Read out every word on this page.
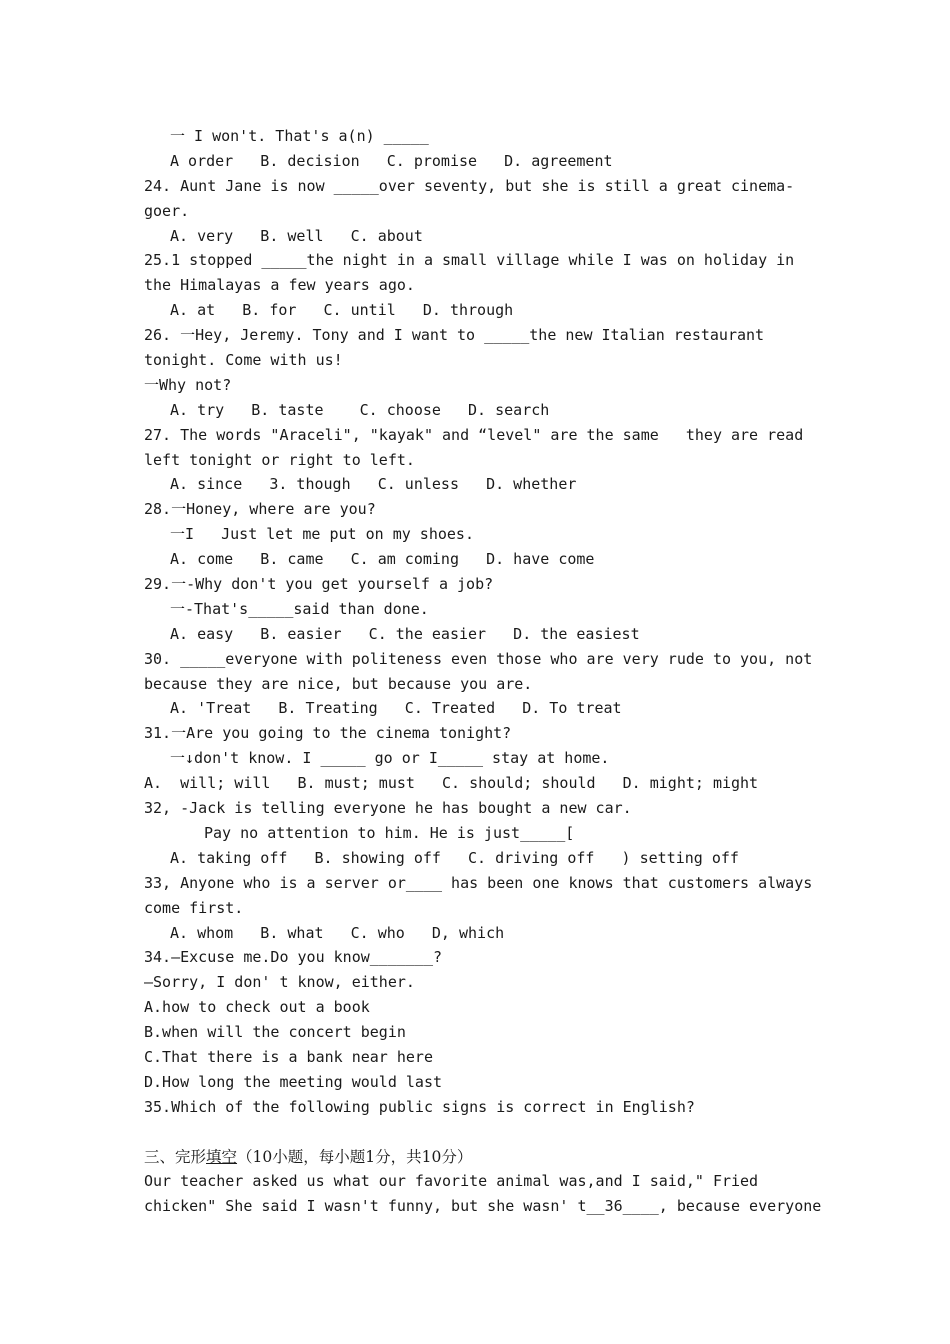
一 I won't. That's a(n) _____
A order   B. decision   C. promise   D. agreement
24. Aunt Jane is now _____over seventy, but she is still a great cinema-
goer.
A. very   B. well   C. about
25.1 stopped _____the night in a small village while I was on holiday in
the Himalayas a few years ago.
A. at   B. for   C. until   D. through
26. 一Hey, Jeremy. Tony and I want to _____the new Italian restaurant
tonight. Come with us!
一Why not?
A. try   B. taste    C. choose   D. search
27. The words "Araceli", "kayak" and “level" are the same   they are read
left tonight or right to left.
A. since   3. though   C. unless   D. whether
28.一Honey, where are you?
一I   Just let me put on my shoes.
A. come   B. came   C. am coming   D. have come
29.一-Why don't you get yourself a job?
一-That's_____said than done.
A. easy   B. easier   C. the easier   D. the easiest
30. _____everyone with politeness even those who are very rude to you, not
because they are nice, but because you are.
A. 'Treat   B. Treating   C. Treated   D. To treat
31.一Are you going to the cinema tonight?
一↓don't know. I _____ go or I_____ stay at home.
A.  will; will   B. must; must   C. should; should   D. might; might
32, -Jack is telling everyone he has bought a new car.
Pay no attention to him. He is just_____[
A. taking off   B. showing off   C. driving off   ) setting off
33, Anyone who is a server or____ has been one knows that customers always
come first.
A. whom   B. what   C. who   D, which
34.—Excuse me.Do you know_______?
—Sorry, I don' t know, either.
A.how to check out a book
B.when will the concert begin
C.That there is a bank near here
D.How long the meeting would last
35.Which of the following public signs is correct in English?
三、完形填空（10小题，每小题1分，共10分）
Our teacher asked us what our favorite animal was,and I said," Fried
chicken" She said I wasn't funny, but she wasn' t__36____, because everyone
